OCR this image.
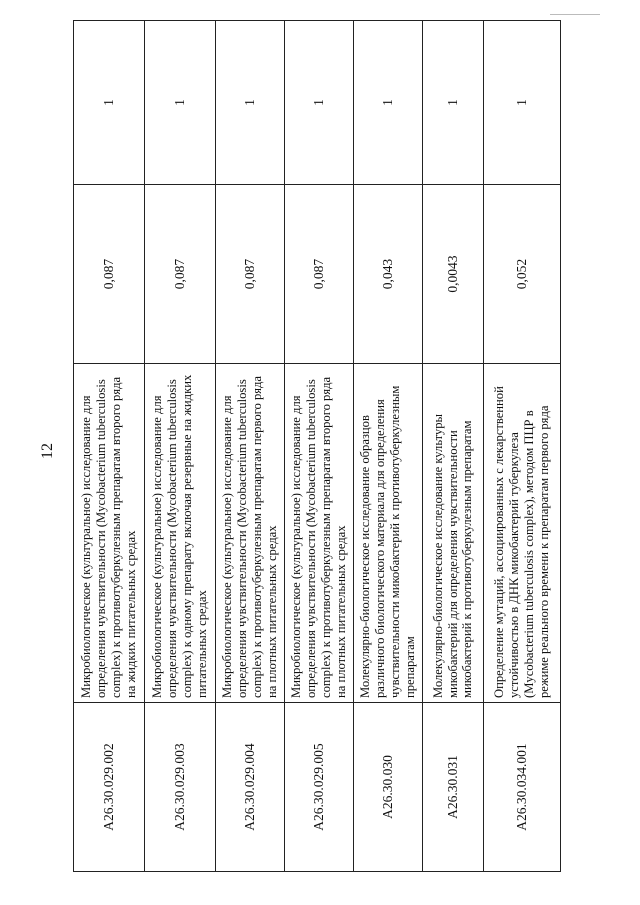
12
A26.30.029.002	Микробиологическое (культуральное) исследование для определения чувствительности (Mycobacterium tuberculosis complex) к противотуберкулезным препаратам второго ряда на жидких питательных средах	0,087	1
A26.30.029.003	Микробиологическое (культуральное) исследование для определения чувствительности (Mycobacterium tuberculosis complex) к одному препарату включая резервные на жидких питательных средах	0,087	1
A26.30.029.004	Микробиологическое (культуральное) исследование для определения чувствительности (Mycobacterium tuberculosis complex) к противотуберкулезным препаратам первого ряда на плотных питательных средах	0,087	1
A26.30.029.005	Микробиологическое (культуральное) исследование для определения чувствительности (Mycobacterium tuberculosis complex) к противотуберкулезным препаратам второго ряда на плотных питательных средах	0,087	1
A26.30.030	Молекулярно-биологическое исследование образцов различного биологического материала для определения чувствительности микобактерий к противотуберкулезным препаратам	0,043	1
A26.30.031	Молекулярно-биологическое исследование культуры микобактерий для определения чувствительности микобактерий к противотуберкулезным препаратам	0,0043	1
A26.30.034.001	Определение мутаций, ассоциированных с лекарственной устойчивостью в ДНК микобактерий туберкулеза (Mycobacterium tuberculosis complex), методом ПЦР в режиме реального времени к препаратам первого ряда	0,052	1
